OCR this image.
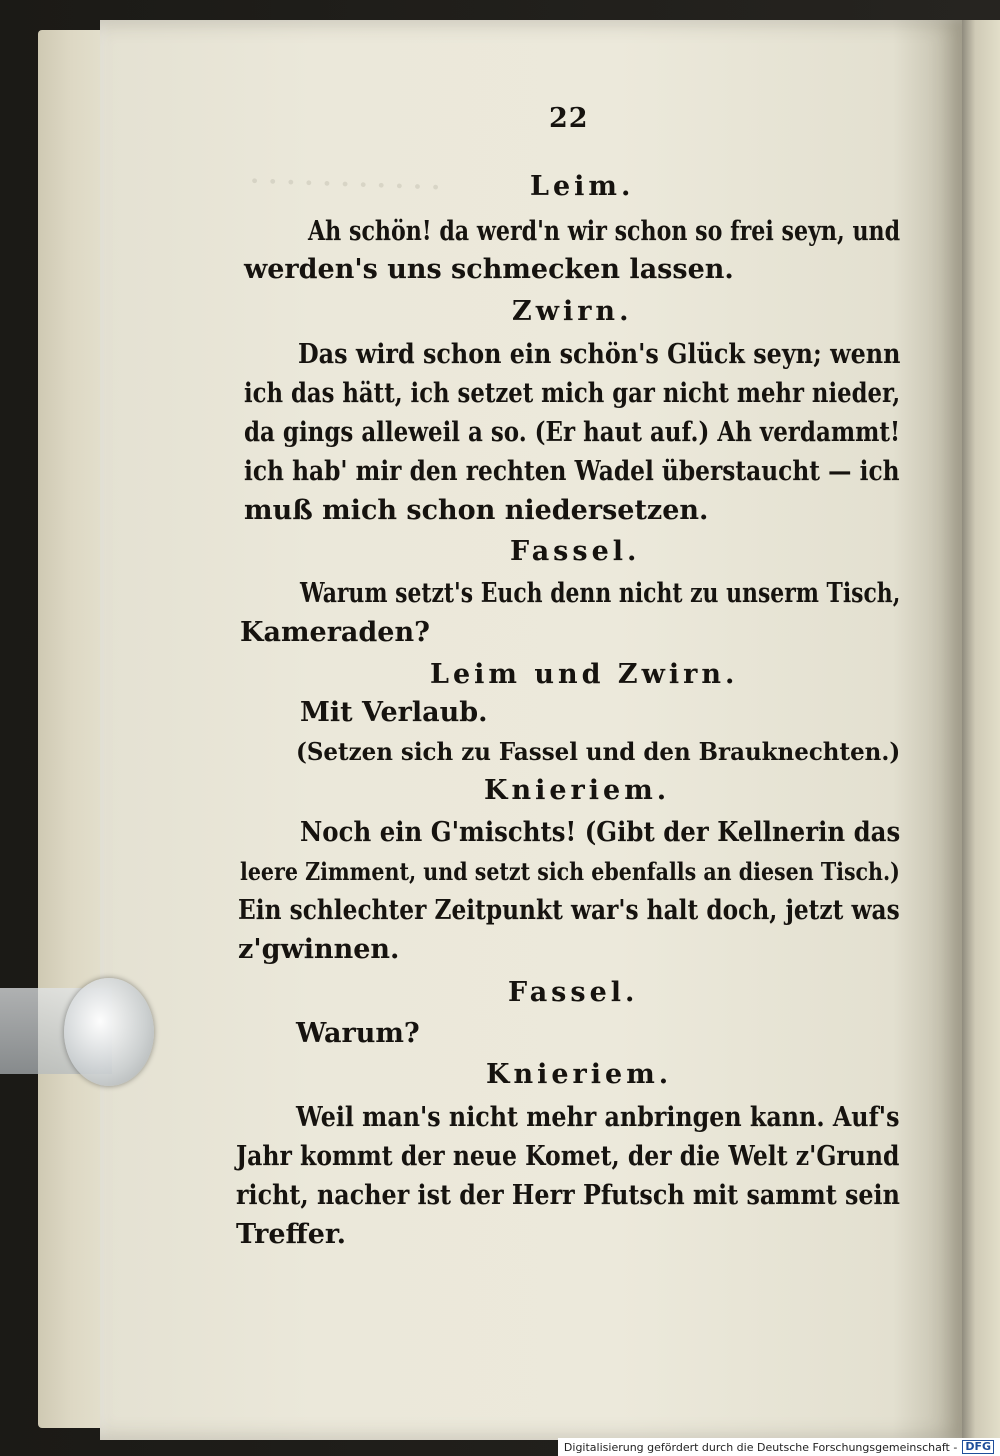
· · · · · · · · · · ·
22
Leim.
Ah schön! da werd'n wir schon so frei seyn, und
werden's uns schmecken lassen.
Zwirn.
Das wird schon ein schön's Glück seyn; wenn
ich das hätt, ich setzet mich gar nicht mehr nieder,
da gings alleweil a so. (Er haut auf.) Ah verdammt!
ich hab' mir den rechten Wadel überstaucht — ich
muß mich schon niedersetzen.
Fassel.
Warum setzt's Euch denn nicht zu unserm Tisch,
Kameraden?
Leim und Zwirn.
Mit Verlaub.
(Setzen sich zu Fassel und den Brauknechten.)
Knieriem.
Noch ein G'mischts! (Gibt der Kellnerin das
leere Zimment, und setzt sich ebenfalls an diesen Tisch.)
Ein schlechter Zeitpunkt war's halt doch, jetzt was
z'gwinnen.
Fassel.
Warum?
Knieriem.
Weil man's nicht mehr anbringen kann. Auf's
Jahr kommt der neue Komet, der die Welt z'Grund
richt, nacher ist der Herr Pfutsch mit sammt sein
Treffer.
Digitalisierung gefördert durch die Deutsche Forschungsgemeinschaft - DFG
